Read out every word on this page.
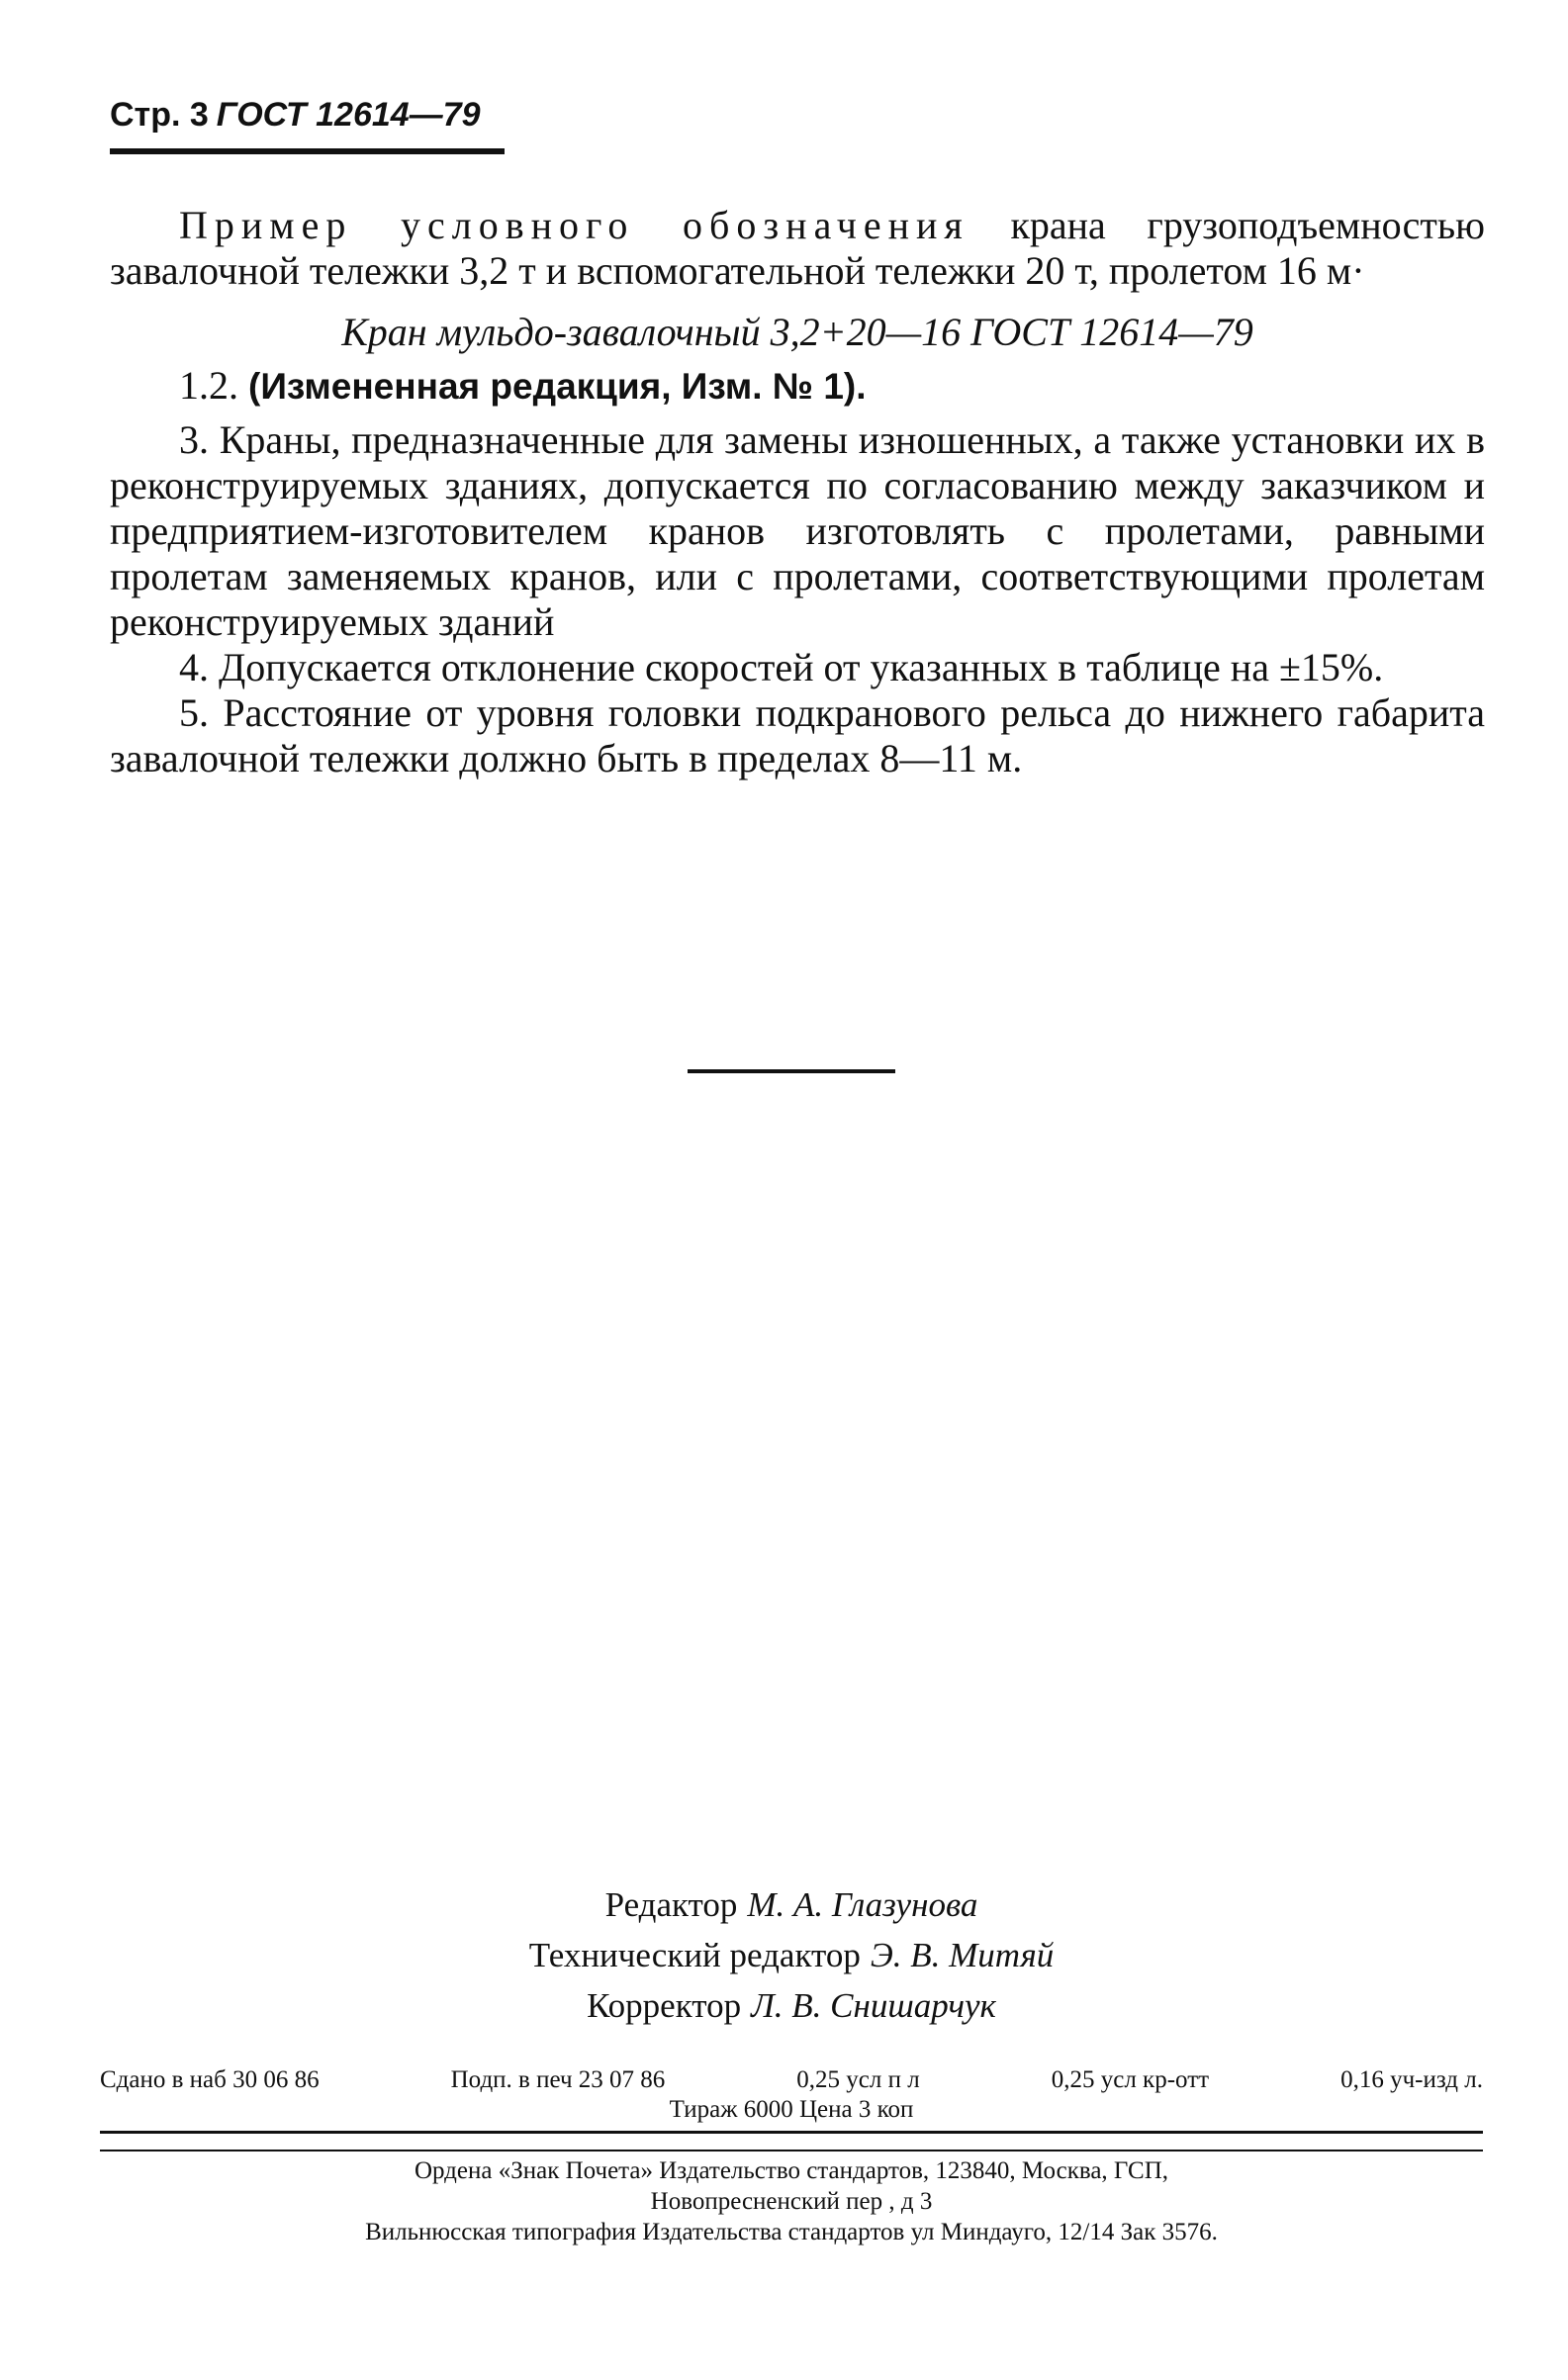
Стр. 3 ГОСТ 12614—79

Пример условного обозначения крана грузоподъемностью завалочной тележки 3,2 т и вспомогательной тележки 20 т, пролетом 16 м·

Кран мульдо-завалочный 3,2+20—16 ГОСТ 12614—79
1.2. (Измененная редакция, Изм. № 1).

3. Краны, предназначенные для замены изношенных, а также установки их в реконструируемых зданиях, допускается по согласованию между заказчиком и предприятием-изготовителем кранов изготовлять с пролетами, равными пролетам заменяемых кранов, или с пролетами, соответствующими пролетам реконструируемых зданий

4. Допускается отклонение скоростей от указанных в таблице на ±15%.

5. Расстояние от уровня головки подкранового рельса до нижнего габарита завалочной тележки должно быть в пределах 8—11 м.

Редактор М. А. Глазунова
Технический редактор Э. В. Митяй
Корректор Л. В. Снишарчук
Сдано в наб 30 06 86	Подп. в печ 23 07 86	0,25 усл п л	0,25 усл кр-отт	0,16 уч-изд л.
Тираж 6000 Цена 3 коп
Ордена «Знак Почета» Издательство стандартов, 123840, Москва, ГСП,
Новопресненский пер , д 3
Вильнюсская типография Издательства стандартов ул Миндауго, 12/14 Зак 3576.
